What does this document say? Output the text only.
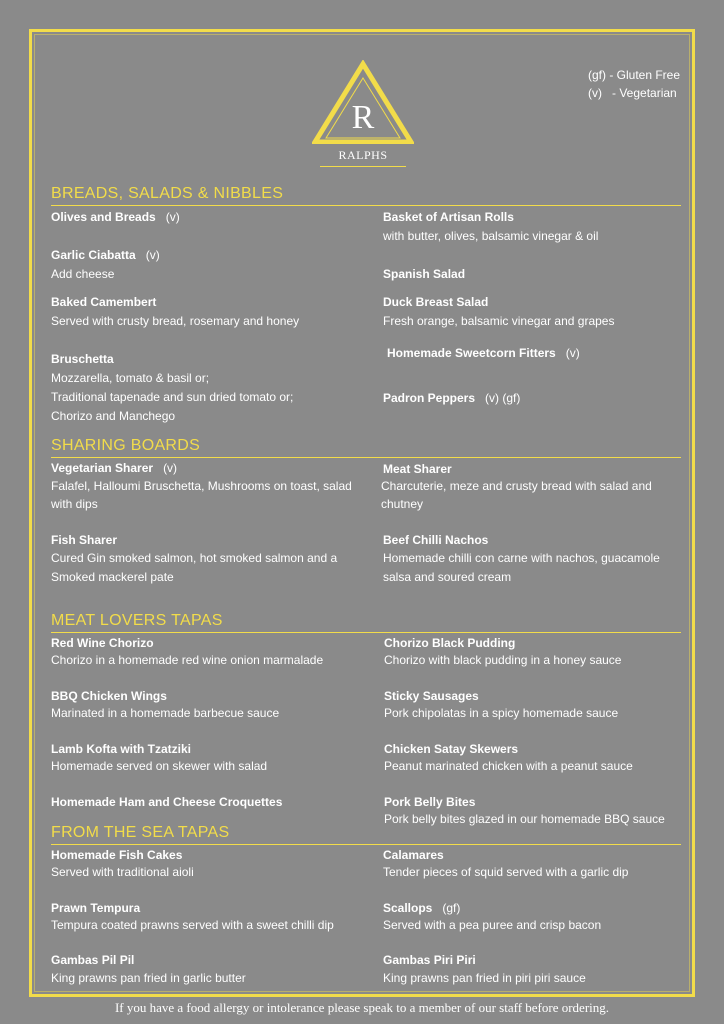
(gf) - Gluten Free
(v)   - Vegetarian
R
RALPHS
BREADS, SALADS & NIBBLES
Olives and Breads (v)	Basket of Artisan Rolls
with butter, olives, balsamic vinegar & oil
Garlic Ciabatta (v)
Add cheese	Spanish Salad
Baked Camembert
Served with crusty bread, rosemary and honey
Duck Breast Salad
Fresh orange, balsamic vinegar and grapes
Homemade Sweetcorn Fitters (v)
Bruschetta
Mozzarella, tomato & basil or;
Traditional tapenade and sun dried tomato or;
Chorizo and Manchego
Padron Peppers (v) (gf)
SHARING BOARDS
Vegetarian Sharer (v)
Falafel, Halloumi Bruschetta, Mushrooms on toast, salad
with dips
Meat Sharer
Charcuterie, meze and crusty bread with salad and
chutney
Fish Sharer
Cured Gin smoked salmon, hot smoked salmon and a
Smoked mackerel pate
Beef Chilli Nachos
Homemade chilli con carne with nachos, guacamole
salsa and soured cream
MEAT LOVERS TAPAS
Red Wine Chorizo
Chorizo in a homemade red wine onion marmalade
Chorizo Black Pudding
Chorizo with black pudding in a honey sauce
BBQ Chicken Wings
Marinated in a homemade barbecue sauce
Sticky Sausages
Pork chipolatas in a spicy homemade sauce
Lamb Kofta with Tzatziki
Homemade served on skewer with salad
Chicken Satay Skewers
Peanut marinated chicken with a peanut sauce
Homemade Ham and Cheese Croquettes	Pork Belly Bites
Pork belly bites glazed in our homemade BBQ sauce
FROM THE SEA TAPAS
Homemade Fish Cakes
Served with traditional aioli
Calamares
Tender pieces of squid served with a garlic dip
Prawn Tempura
Tempura coated prawns served with a sweet chilli dip
Scallops (gf)
Served with a pea puree and crisp bacon
Gambas Pil Pil
King prawns pan fried in garlic butter
Gambas Piri Piri
King prawns pan fried in piri piri sauce
If you have a food allergy or intolerance please speak to a member of our staff before ordering.
